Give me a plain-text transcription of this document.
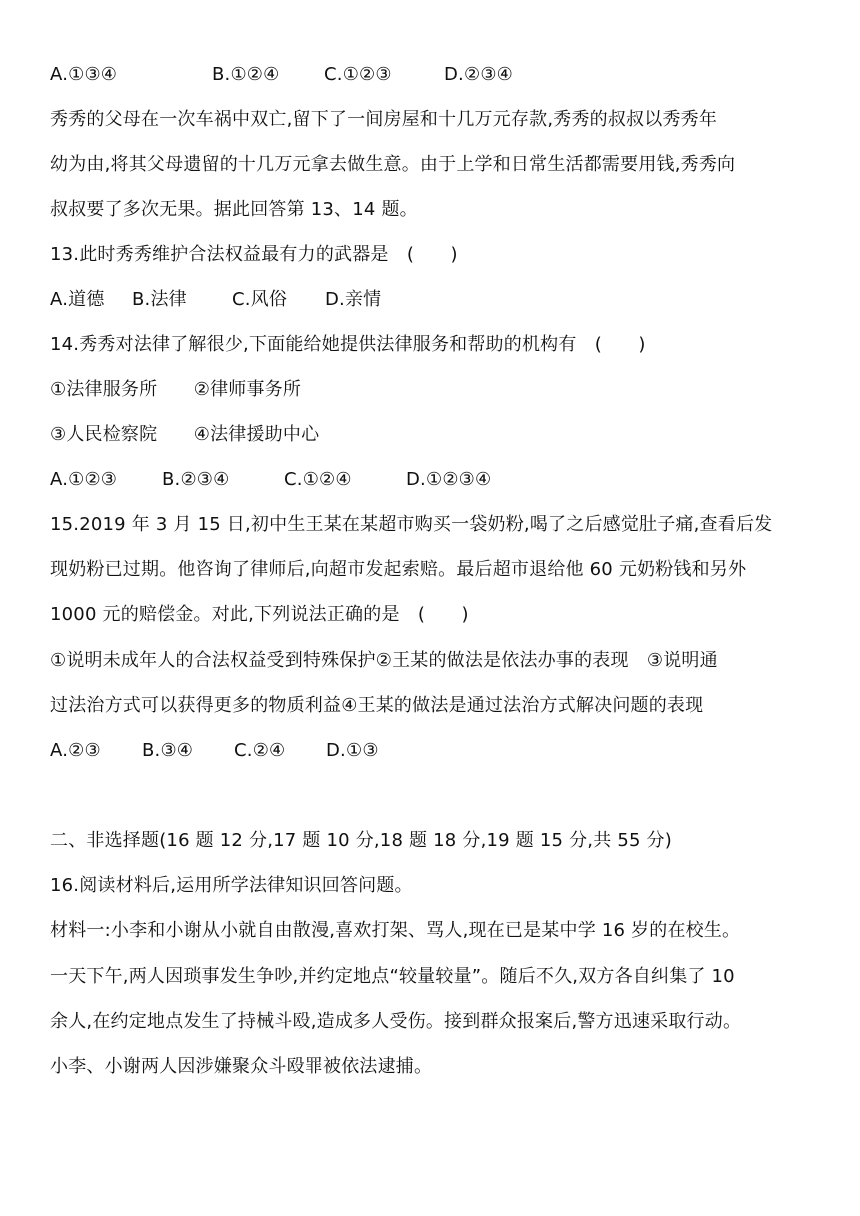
A.①③④	B.①②④ C.①②③	D.②③④
秀秀的父母在一次车祸中双亡,留下了一间房屋和十几万元存款,秀秀的叔叔以秀秀年
幼为由,将其父母遗留的十几万元拿去做生意。由于上学和日常生活都需要用钱,秀秀向
叔叔要了多次无果。据此回答第 13、14 题。
13.此时秀秀维护合法权益最有力的武器是　(　　)
A.道德 B.法律	C.风俗 D.亲情
14.秀秀对法律了解很少,下面能给她提供法律服务和帮助的机构有　(　　)
①法律服务所　　②律师事务所
③人民检察院　　④法律援助中心
A.①②③ B.②③④	C.①②④	D.①②③④
15.2019 年 3 月 15 日,初中生王某在某超市购买一袋奶粉,喝了之后感觉肚子痛,查看后发
现奶粉已过期。他咨询了律师后,向超市发起索赔。最后超市退给他 60 元奶粉钱和另外
1000 元的赔偿金。对此,下列说法正确的是　(　　)
①说明未成年人的合法权益受到特殊保护②王某的做法是依法办事的表现　③说明通
过法治方式可以获得更多的物质利益④王某的做法是通过法治方式解决问题的表现
A.②③ B.③④ C.②④ D.①③
二、非选择题(16 题 12 分,17 题 10 分,18 题 18 分,19 题 15 分,共 55 分)
16.阅读材料后,运用所学法律知识回答问题。
材料一:小李和小谢从小就自由散漫,喜欢打架、骂人,现在已是某中学 16 岁的在校生。
一天下午,两人因琐事发生争吵,并约定地点“较量较量”。随后不久,双方各自纠集了 10
余人,在约定地点发生了持械斗殴,造成多人受伤。接到群众报案后,警方迅速采取行动。
小李、小谢两人因涉嫌聚众斗殴罪被依法逮捕。
